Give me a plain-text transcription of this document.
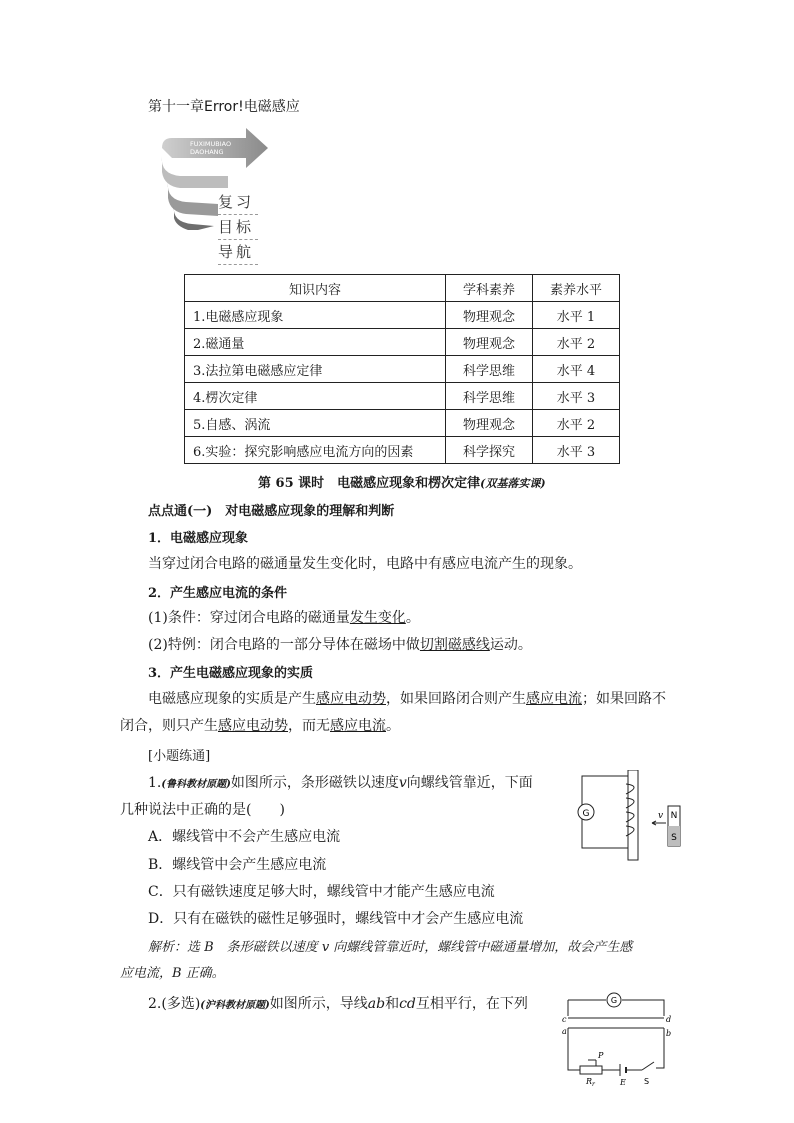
第十一章Error!电磁感应
FUXIMUBIAO
DAOHANG
复习
目标
导航
知识内容	学科素养	素养水平
1.电磁感应现象	物理观念	水平 1
2.磁通量	物理观念	水平 2
3.法拉第电磁感应定律	科学思维	水平 4
4.楞次定律	科学思维	水平 3
5.自感、涡流	物理观念	水平 2
6.实验：探究影响感应电流方向的因素	科学探究	水平 3
第 65 课时　电磁感应现象和楞次定律(双基落实课)
点点通(一)　对电磁感应现象的理解和判断
1．电磁感应现象
当穿过闭合电路的磁通量发生变化时，电路中有感应电流产生的现象。
2．产生感应电流的条件
(1)条件：穿过闭合电路的磁通量发生变化。
(2)特例：闭合电路的一部分导体在磁场中做切割磁感线运动。
3．产生电磁感应现象的实质
电磁感应现象的实质是产生感应电动势，如果回路闭合则产生感应电流；如果回路不
闭合，则只产生感应电动势，而无感应电流。
[小题练通]
1.(鲁科教材原题)如图所示，条形磁铁以速度v向螺线管靠近，下面
几种说法中正确的是(　　)
A．螺线管中不会产生感应电流
B．螺线管中会产生感应电流
C．只有磁铁速度足够大时，螺线管中才能产生感应电流
D．只有在磁铁的磁性足够强时，螺线管中才会产生感应电流
解析：选 B　条形磁铁以速度 v 向螺线管靠近时，螺线管中磁通量增加，故会产生感
应电流，B 正确。
G	N
S
v
2.(多选)(沪科教材原题)如图所示，导线ab和cd互相平行，在下列	G
c	d
a	b
P
$R_r$	E S
